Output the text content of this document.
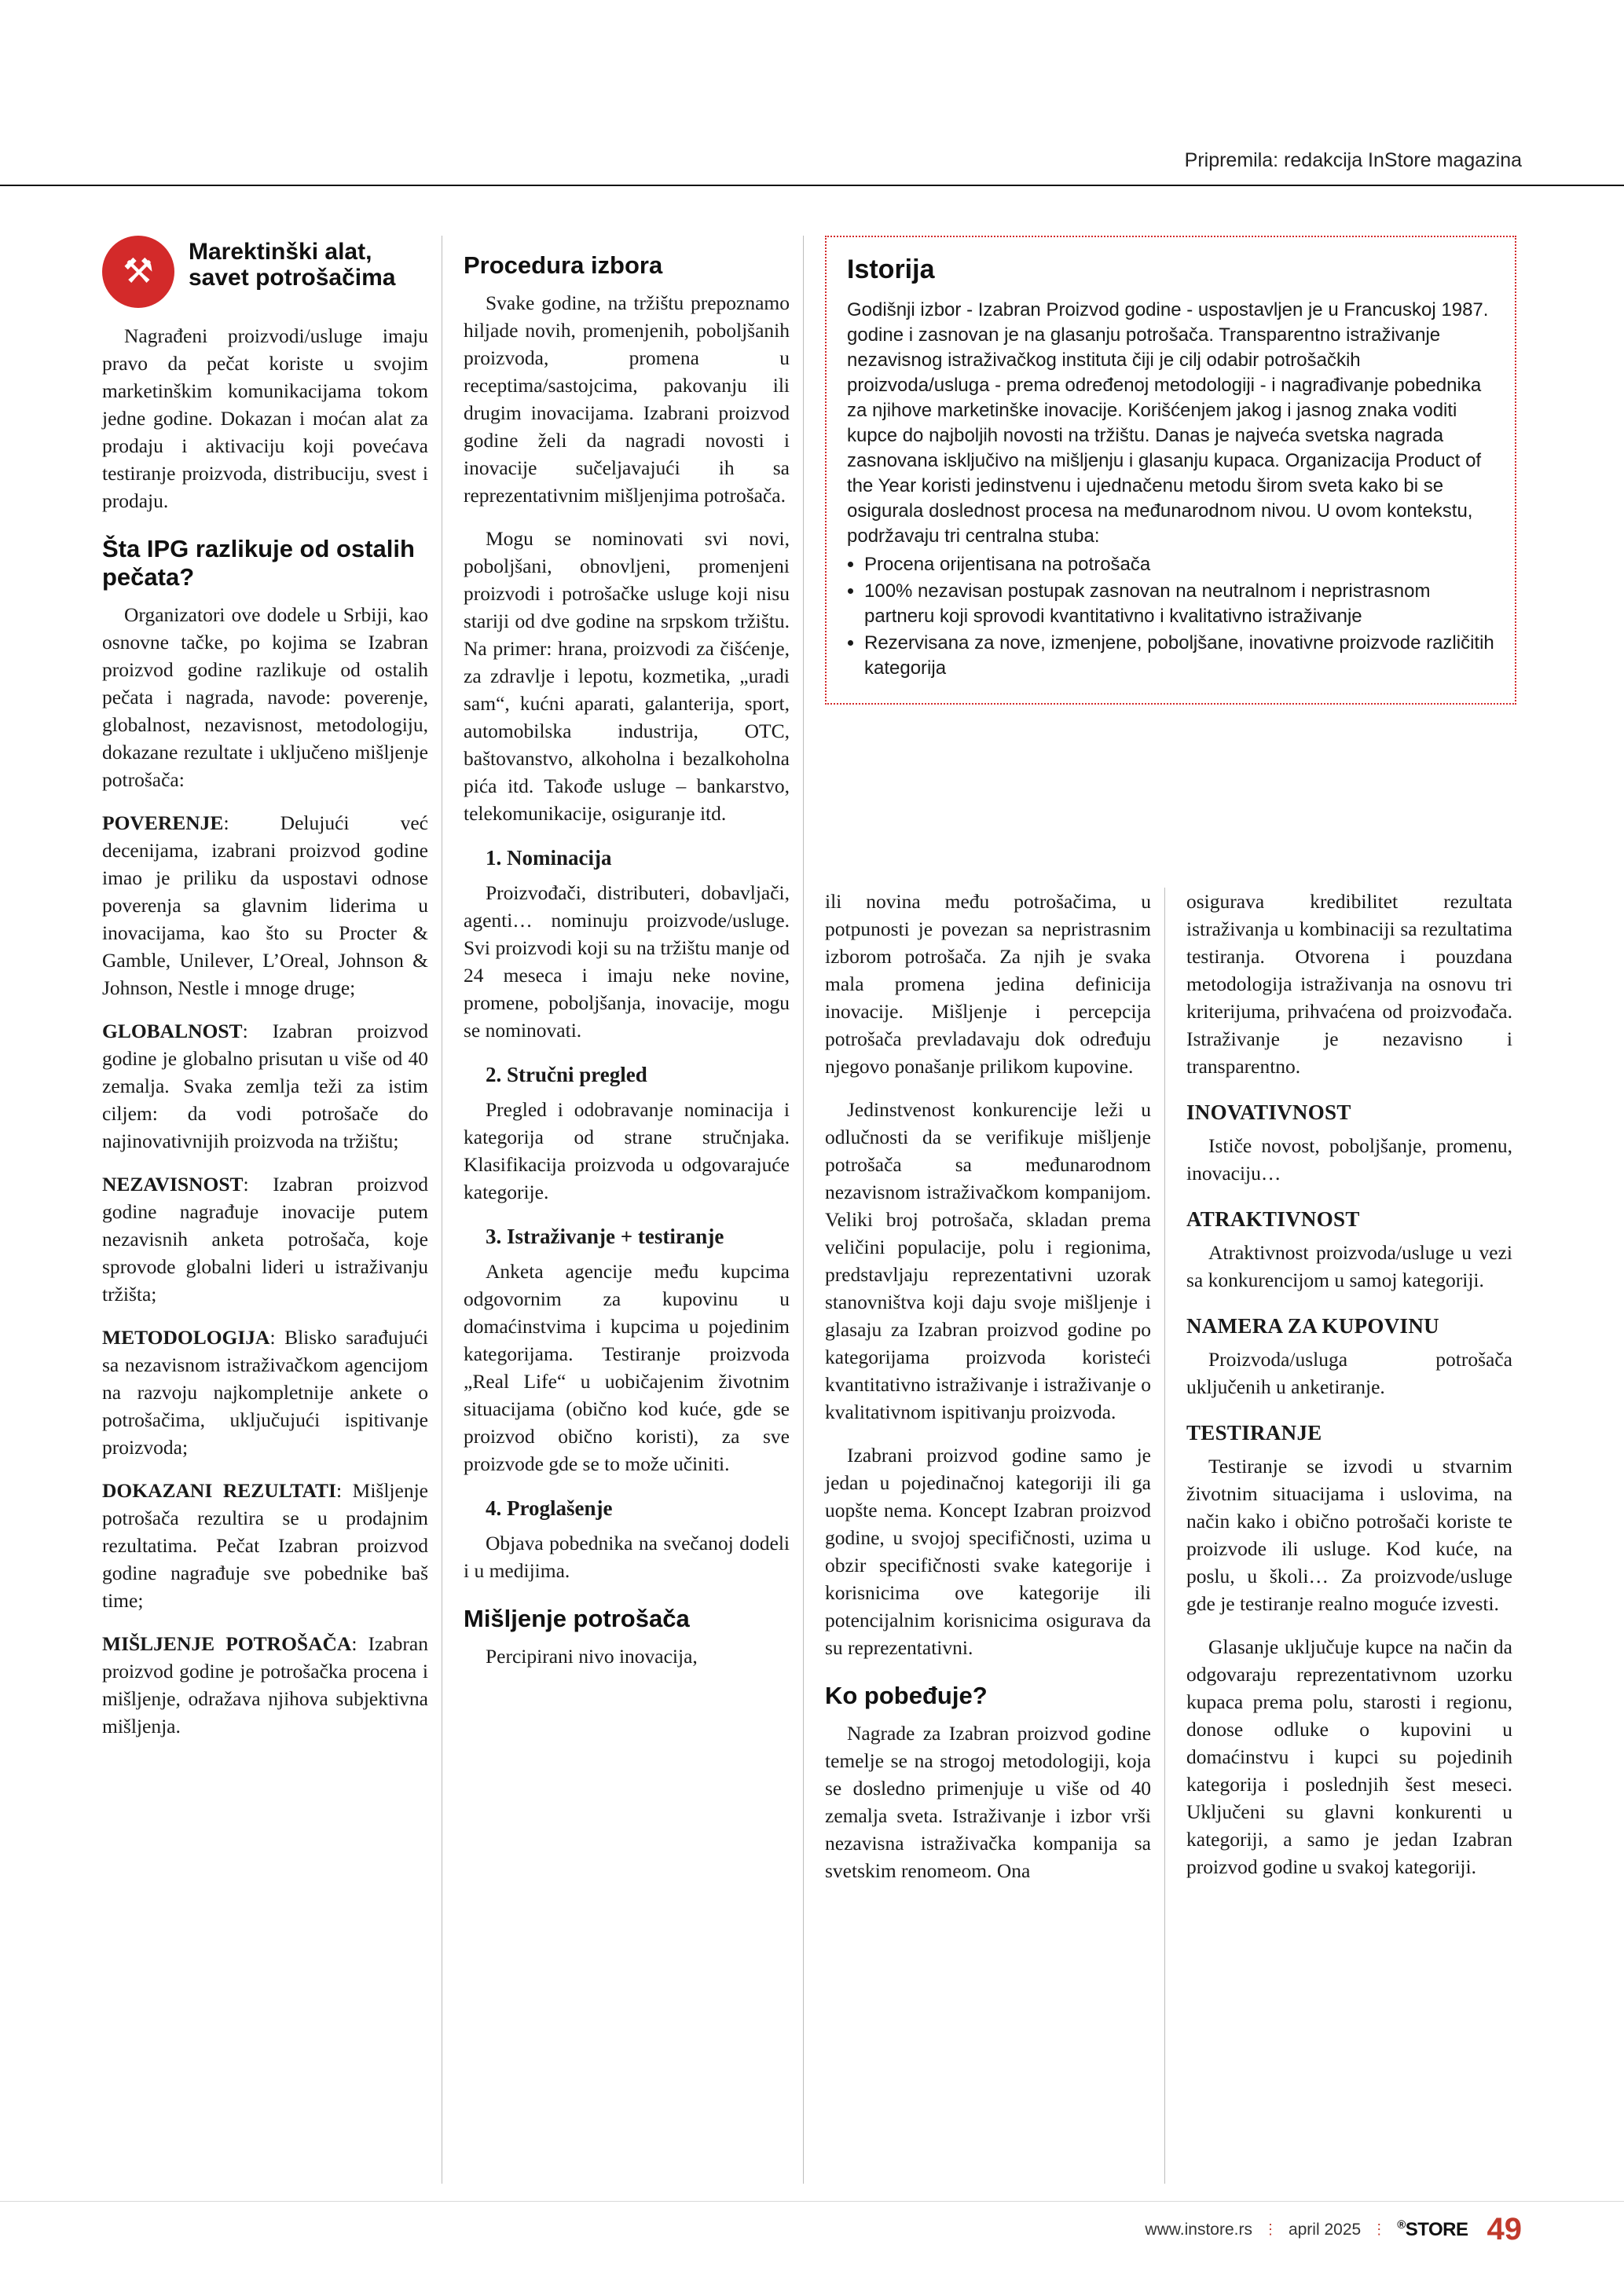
Pripremila: redakcija InStore magazina
⚒
Marektinški alat, savet potrošačima

Nagrađeni proizvodi/usluge imaju pravo da pečat koriste u svojim marketinškim komunikacijama tokom jedne godine. Dokazan i moćan alat za prodaju i aktivaciju koji povećava testiranje proizvoda, distribuciju, svest i prodaju.

Šta IPG razlikuje od ostalih pečata?

Organizatori ove dodele u Srbiji, kao osnovne tačke, po kojima se Izabran proizvod godine razlikuje od ostalih pečata i nagrada, navode: poverenje, globalnost, nezavisnost, metodologiju, dokazane rezultate i uključeno mišljenje potrošača:

POVERENJE: Delujući već decenijama, izabrani proizvod godine imao je priliku da uspostavi odnose poverenja sa glavnim liderima u inovacijama, kao što su Procter & Gamble, Unilever, L’Oreal, Johnson & Johnson, Nestle i mnoge druge;

GLOBALNOST: Izabran proizvod godine je globalno prisutan u više od 40 zemalja. Svaka zemlja teži za istim ciljem: da vodi potrošače do najinovativnijih proizvoda na tržištu;

NEZAVISNOST: Izabran proizvod godine nagrađuje inovacije putem nezavisnih anketa potrošača, koje sprovode globalni lideri u istraživanju tržišta;

METODOLOGIJA: Blisko sarađujući sa nezavisnom istraživačkom agencijom na razvoju najkompletnije ankete o potrošačima, uključujući ispitivanje proizvoda;

DOKAZANI REZULTATI: Mišljenje potrošača rezultira se u prodajnim rezultatima. Pečat Izabran proizvod godine nagrađuje sve pobednike baš time;

MIŠLJENJE POTROŠAČA: Izabran proizvod godine je potrošačka procena i mišljenje, odražava njihova subjektivna mišljenja.

Procedura izbora

Svake godine, na tržištu prepoznamo hiljade novih, promenjenih, poboljšanih proizvoda, promena u receptima/sastojcima, pakovanju ili drugim inovacijama. Izabrani proizvod godine želi da nagradi novosti i inovacije sučeljavajući ih sa reprezentativnim mišljenjima potrošača.

Mogu se nominovati svi novi, poboljšani, obnovljeni, promenjeni proizvodi i potrošačke usluge koji nisu stariji od dve godine na srpskom tržištu. Na primer: hrana, proizvodi za čišćenje, za zdravlje i lepotu, kozmetika, „uradi sam“, kućni aparati, galanterija, sport, automobilska industrija, OTC, baštovanstvo, alkoholna i bezalkoholna pića itd. Takođe usluge – bankarstvo, telekomunikacije, osiguranje itd.

1. Nominacija

Proizvođači, distributeri, dobavljači, agenti… nominuju proizvode/usluge. Svi proizvodi koji su na tržištu manje od 24 meseca i imaju neke novine, promene, poboljšanja, inovacije, mogu se nominovati.

2. Stručni pregled

Pregled i odobravanje nominacija i kategorija od strane stručnjaka. Klasifikacija proizvoda u odgovarajuće kategorije.

3. Istraživanje + testiranje

Anketa agencije među kupcima odgovornim za kupovinu u domaćinstvima i kupcima u pojedinim kategorijama. Testiranje proizvoda „Real Life“ u uobičajenim životnim situacijama (obično kod kuće, gde se proizvod obično koristi), za sve proizvode gde se to može učiniti.

4. Proglašenje

Objava pobednika na svečanoj dodeli i u medijima.

Mišljenje potrošača

Percipirani nivo inovacija,

Istorija

Godišnji izbor - Izabran Proizvod godine - uspostavljen je u Francuskoj 1987. godine i zasnovan je na glasanju potrošača. Transparentno istraživanje nezavisnog istraživačkog instituta čiji je cilj odabir potrošačkih proizvoda/usluga - prema određenoj metodologiji - i nagrađivanje pobednika za njihove marketinške inovacije. Korišćenjem jakog i jasnog znaka voditi kupce do najboljih novosti na tržištu. Danas je najveća svetska nagrada zasnovana isključivo na mišljenju i glasanju kupaca. Organizacija Product of the Year koristi jedinstvenu i ujednačenu metodu širom sveta kako bi se osigurala doslednost procesa na međunarodnom nivou. U ovom kontekstu, podržavaju tri centralna stuba:

• Procena orijentisana na potrošača
• 100% nezavisan postupak zasnovan na neutralnom i nepristrasnom partneru koji sprovodi kvantitativno i kvalitativno istraživanje
• Rezervisana za nove, izmenjene, poboljšane, inovativne proizvode različitih kategorija

ili novina među potrošačima, u potpunosti je povezan sa nepristrasnim izborom potrošača. Za njih je svaka mala promena jedina definicija inovacije. Mišljenje i percepcija potrošača prevladavaju dok određuju njegovo ponašanje prilikom kupovine.

Jedinstvenost konkurencije leži u odlučnosti da se verifikuje mišljenje potrošača sa međunarodnom nezavisnom istraživačkom kompanijom. Veliki broj potrošača, skladan prema veličini populacije, polu i regionima, predstavljaju reprezentativni uzorak stanovništva koji daju svoje mišljenje i glasaju za Izabran proizvod godine po kategorijama proizvoda koristeći kvantitativno istraživanje i istraživanje o kvalitativnom ispitivanju proizvoda.

Izabrani proizvod godine samo je jedan u pojedinačnoj kategoriji ili ga uopšte nema. Koncept Izabran proizvod godine, u svojoj specifičnosti, uzima u obzir specifičnosti svake kategorije i korisnicima ove kategorije ili potencijalnim korisnicima osigurava da su reprezentativni.

Ko pobeđuje?

Nagrade za Izabran proizvod godine temelje se na strogoj metodologiji, koja se dosledno primenjuje u više od 40 zemalja sveta. Istraživanje i izbor vrši nezavisna istraživačka kompanija sa svetskim renomeom. Ona

osigurava kredibilitet rezultata istraživanja u kombinaciji sa rezultatima testiranja. Otvorena i pouzdana metodologija istraživanja na osnovu tri kriterijuma, prihvaćena od proizvođača. Istraživanje je nezavisno i transparentno.

INOVATIVNOST

Ističe novost, poboljšanje, promenu, inovaciju…

ATRAKTIVNOST

Atraktivnost proizvoda/usluge u vezi sa konkurencijom u samoj kategoriji.

NAMERA ZA KUPOVINU

Proizvoda/usluga potrošača uključenih u anketiranje.

TESTIRANJE

Testiranje se izvodi u stvarnim životnim situacijama i uslovima, na način kako i obično potrošači koriste te proizvode ili usluge. Kod kuće, na poslu, u školi… Za proizvode/usluge gde je testiranje realno moguće izvesti.

Glasanje uključuje kupce na način da odgovaraju reprezentativnom uzorku kupaca prema polu, starosti i regionu, donose odluke o kupovini u domaćinstvu i kupci su pojedinih kategorija i poslednjih šest meseci. Uključeni su glavni konkurenti u kategoriji, a samo je jedan Izabran proizvod godine u svakoj kategoriji.

www.instore.rs ⋮ april 2025 ⋮ ®STORE 49
